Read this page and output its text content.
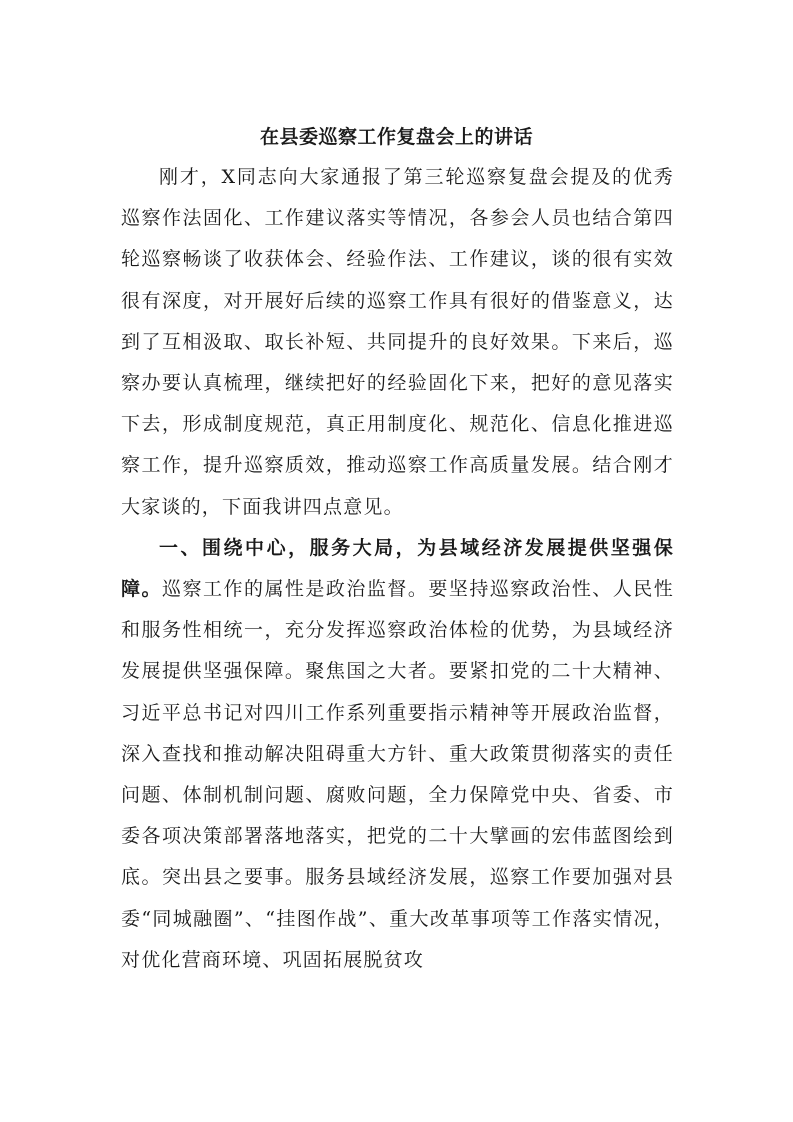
在县委巡察工作复盘会上的讲话

刚才，X同志向大家通报了第三轮巡察复盘会提及的优秀巡察作法固化、工作建议落实等情况，各参会人员也结合第四轮巡察畅谈了收获体会、经验作法、工作建议，谈的很有实效很有深度，对开展好后续的巡察工作具有很好的借鉴意义，达到了互相汲取、取长补短、共同提升的良好效果。下来后，巡察办要认真梳理，继续把好的经验固化下来，把好的意见落实下去，形成制度规范，真正用制度化、规范化、信息化推进巡察工作，提升巡察质效，推动巡察工作高质量发展。结合刚才大家谈的，下面我讲四点意见。

一、围绕中心，服务大局，为县域经济发展提供坚强保障。巡察工作的属性是政治监督。要坚持巡察政治性、人民性和服务性相统一，充分发挥巡察政治体检的优势，为县域经济发展提供坚强保障。聚焦国之大者。要紧扣党的二十大精神、习近平总书记对四川工作系列重要指示精神等开展政治监督，深入查找和推动解决阻碍重大方针、重大政策贯彻落实的责任问题、体制机制问题、腐败问题，全力保障党中央、省委、市委各项决策部署落地落实，把党的二十大擘画的宏伟蓝图绘到底。突出县之要事。服务县域经济发展，巡察工作要加强对县委“同城融圈”、“挂图作战”、重大改革事项等工作落实情况，对优化营商环境、巩固拓展脱贫攻
